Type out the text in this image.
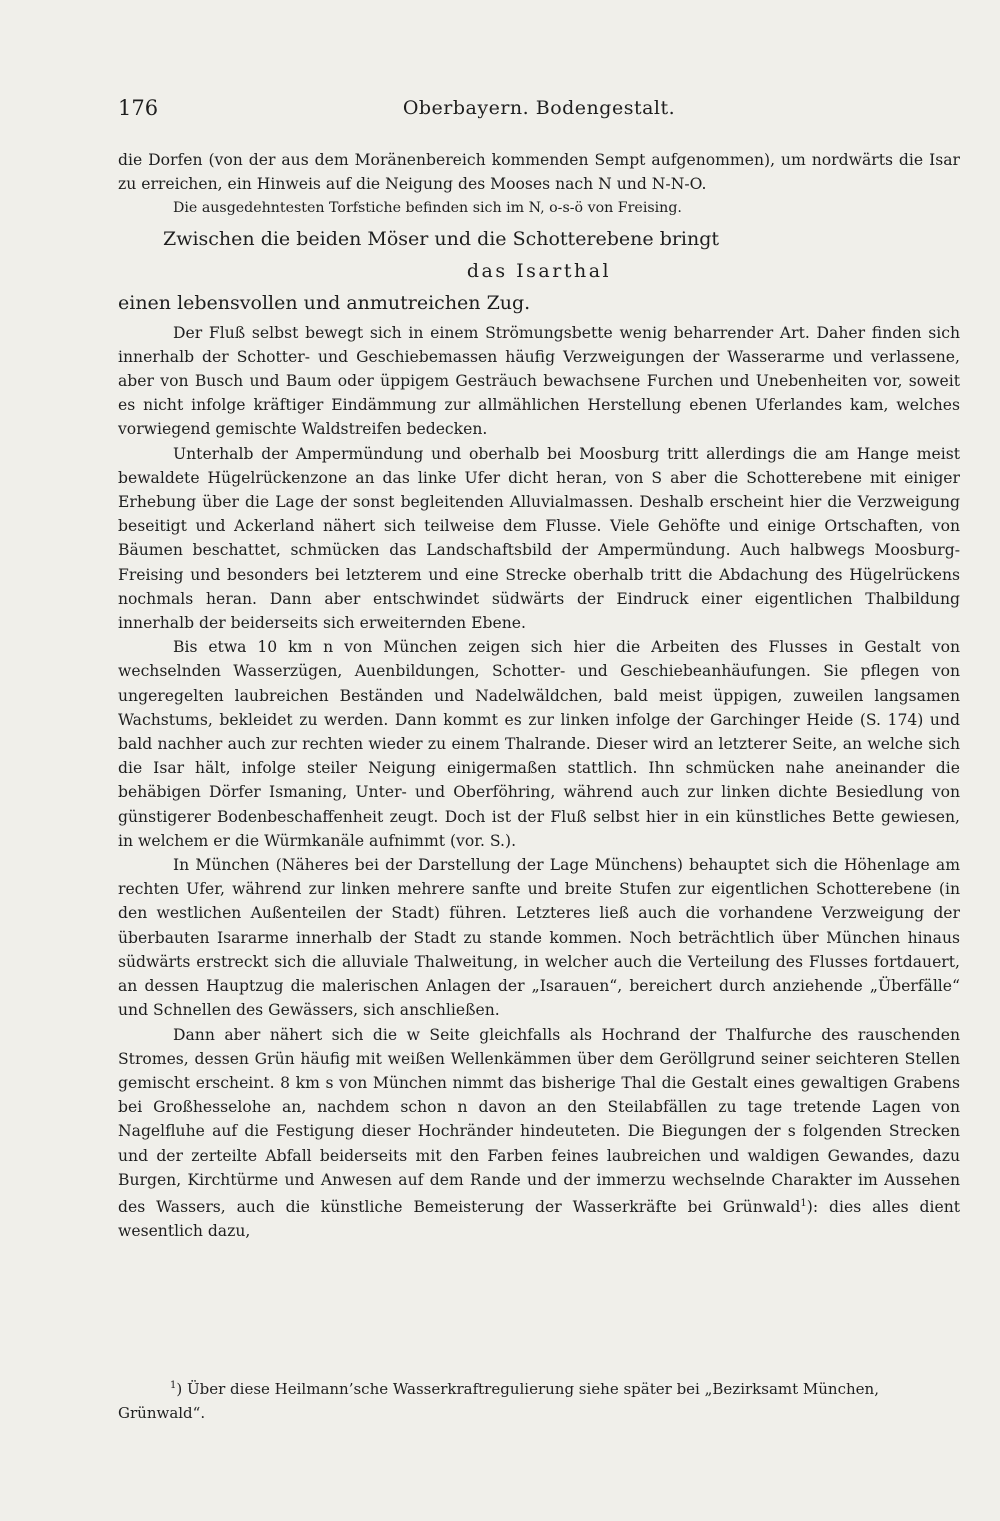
176	Oberbayern. Bodengestalt.

die Dorfen (von der aus dem Moränenbereich kommenden Sempt aufgenommen), um nordwärts die Isar zu erreichen, ein Hinweis auf die Neigung des Mooses nach N und N-N-O.

Die ausgedehntesten Torfstiche befinden sich im N, o-s-ö von Freising.

Zwischen die beiden Möser und die Schotterebene bringt
das Isarthal
einen lebensvollen und anmutreichen Zug.

Der Fluß selbst bewegt sich in einem Strömungsbette wenig beharrender Art. Daher finden sich innerhalb der Schotter- und Geschiebemassen häufig Verzweigungen der Wasserarme und verlassene, aber von Busch und Baum oder üppigem Gesträuch bewachsene Furchen und Unebenheiten vor, soweit es nicht infolge kräftiger Eindämmung zur allmählichen Herstellung ebenen Uferlandes kam, welches vorwiegend gemischte Waldstreifen bedecken.

Unterhalb der Ampermündung und oberhalb bei Moosburg tritt allerdings die am Hange meist bewaldete Hügelrückenzone an das linke Ufer dicht heran, von S aber die Schotterebene mit einiger Erhebung über die Lage der sonst begleitenden Alluvialmassen. Deshalb erscheint hier die Verzweigung beseitigt und Ackerland nähert sich teilweise dem Flusse. Viele Gehöfte und einige Ortschaften, von Bäumen beschattet, schmücken das Landschaftsbild der Ampermündung. Auch halbwegs Moosburg-Freising und besonders bei letzterem und eine Strecke oberhalb tritt die Abdachung des Hügelrückens nochmals heran. Dann aber entschwindet südwärts der Eindruck einer eigentlichen Thalbildung innerhalb der beiderseits sich erweiternden Ebene.

Bis etwa 10 km n von München zeigen sich hier die Arbeiten des Flusses in Gestalt von wechselnden Wasserzügen, Auenbildungen, Schotter- und Geschiebeanhäufungen. Sie pflegen von ungeregelten laubreichen Beständen und Nadelwäldchen, bald meist üppigen, zuweilen langsamen Wachstums, bekleidet zu werden. Dann kommt es zur linken infolge der Garchinger Heide (S. 174) und bald nachher auch zur rechten wieder zu einem Thalrande. Dieser wird an letzterer Seite, an welche sich die Isar hält, infolge steiler Neigung einigermaßen stattlich. Ihn schmücken nahe aneinander die behäbigen Dörfer Ismaning, Unter- und Oberföhring, während auch zur linken dichte Besiedlung von günstigerer Bodenbeschaffenheit zeugt. Doch ist der Fluß selbst hier in ein künstliches Bette gewiesen, in welchem er die Würmkanäle aufnimmt (vor. S.).

In München (Näheres bei der Darstellung der Lage Münchens) behauptet sich die Höhenlage am rechten Ufer, während zur linken mehrere sanfte und breite Stufen zur eigentlichen Schotterebene (in den westlichen Außenteilen der Stadt) führen. Letzteres ließ auch die vorhandene Verzweigung der überbauten Isararme innerhalb der Stadt zu stande kommen. Noch beträchtlich über München hinaus südwärts erstreckt sich die alluviale Thalweitung, in welcher auch die Verteilung des Flusses fortdauert, an dessen Hauptzug die malerischen Anlagen der „Isarauen“, bereichert durch anziehende „Überfälle“ und Schnellen des Gewässers, sich anschließen.

Dann aber nähert sich die w Seite gleichfalls als Hochrand der Thalfurche des rauschenden Stromes, dessen Grün häufig mit weißen Wellenkämmen über dem Geröllgrund seiner seichteren Stellen gemischt erscheint. 8 km s von München nimmt das bisherige Thal die Gestalt eines gewaltigen Grabens bei Großhesselohe an, nachdem schon n davon an den Steilabfällen zu tage tretende Lagen von Nagelfluhe auf die Festigung dieser Hochränder hindeuteten. Die Biegungen der s folgenden Strecken und der zerteilte Abfall beiderseits mit den Farben feines laubreichen und waldigen Gewandes, dazu Burgen, Kirchtürme und Anwesen auf dem Rande und der immerzu wechselnde Charakter im Aussehen des Wassers, auch die künstliche Bemeisterung der Wasserkräfte bei Grünwald$^1$): dies alles dient wesentlich dazu,

$^1$) Über diese Heilmann’sche Wasserkraftregulierung siehe später bei „Bezirksamt München, Grünwald“.
